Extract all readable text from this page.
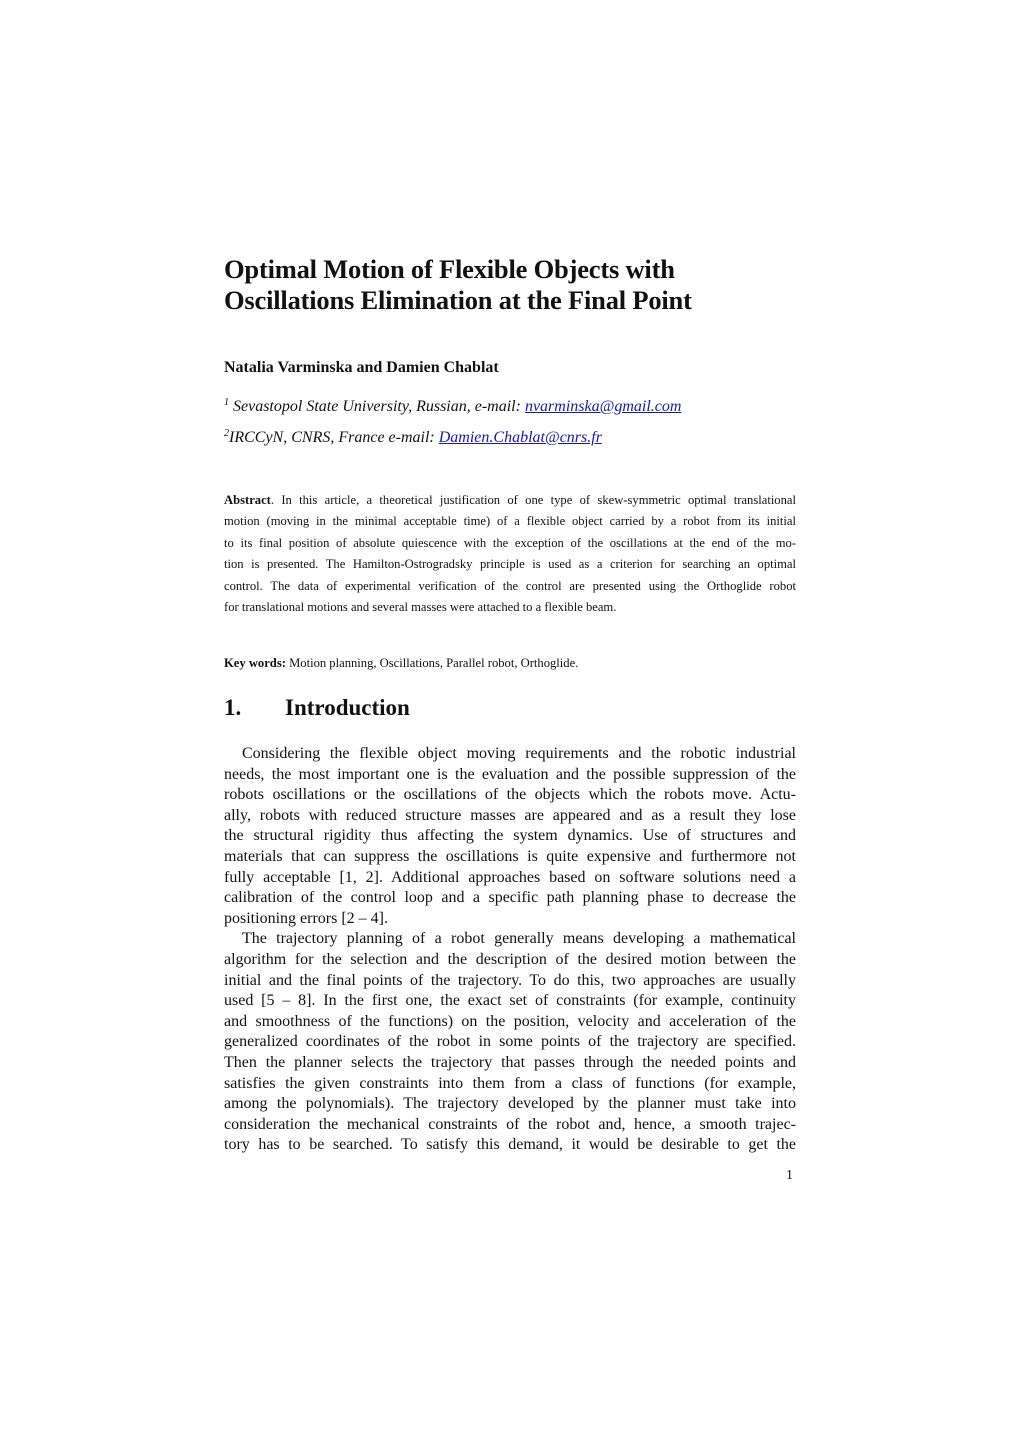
Optimal Motion of Flexible Objects with
Oscillations Elimination at the Final Point
Natalia Varminska and Damien Chablat
$^1$ Sevastopol State University, Russian, e-mail: nvarminska@gmail.com
$^2$IRCCyN, CNRS, France e-mail: Damien.Chablat@cnrs.fr
Abstract. In this article, a theoretical justification of one type of skew-symmetric optimal translational
motion (moving in the minimal acceptable time) of a flexible object carried by a robot from its initial
to its final position of absolute quiescence with the exception of the oscillations at the end of the mo-
tion is presented. The Hamilton-Ostrogradsky principle is used as a criterion for searching an optimal
control. The data of experimental verification of the control are presented using the Orthoglide robot
for translational motions and several masses were attached to a flexible beam.
Key words: Motion planning, Oscillations, Parallel robot, Orthoglide.
1. Introduction
Considering the flexible object moving requirements and the robotic industrial
needs, the most important one is the evaluation and the possible suppression of the
robots oscillations or the oscillations of the objects which the robots move. Actu-
ally, robots with reduced structure masses are appeared and as a result they lose
the structural rigidity thus affecting the system dynamics. Use of structures and
materials that can suppress the oscillations is quite expensive and furthermore not
fully acceptable [1, 2]. Additional approaches based on software solutions need a
calibration of the control loop and a specific path planning phase to decrease the
positioning errors [2 – 4].
The trajectory planning of a robot generally means developing a mathematical
algorithm for the selection and the description of the desired motion between the
initial and the final points of the trajectory. To do this, two approaches are usually
used [5 – 8]. In the first one, the exact set of constraints (for example, continuity
and smoothness of the functions) on the position, velocity and acceleration of the
generalized coordinates of the robot in some points of the trajectory are specified.
Then the planner selects the trajectory that passes through the needed points and
satisfies the given constraints into them from a class of functions (for example,
among the polynomials). The trajectory developed by the planner must take into
consideration the mechanical constraints of the robot and, hence, a smooth trajec-
tory has to be searched. To satisfy this demand, it would be desirable to get the
1
